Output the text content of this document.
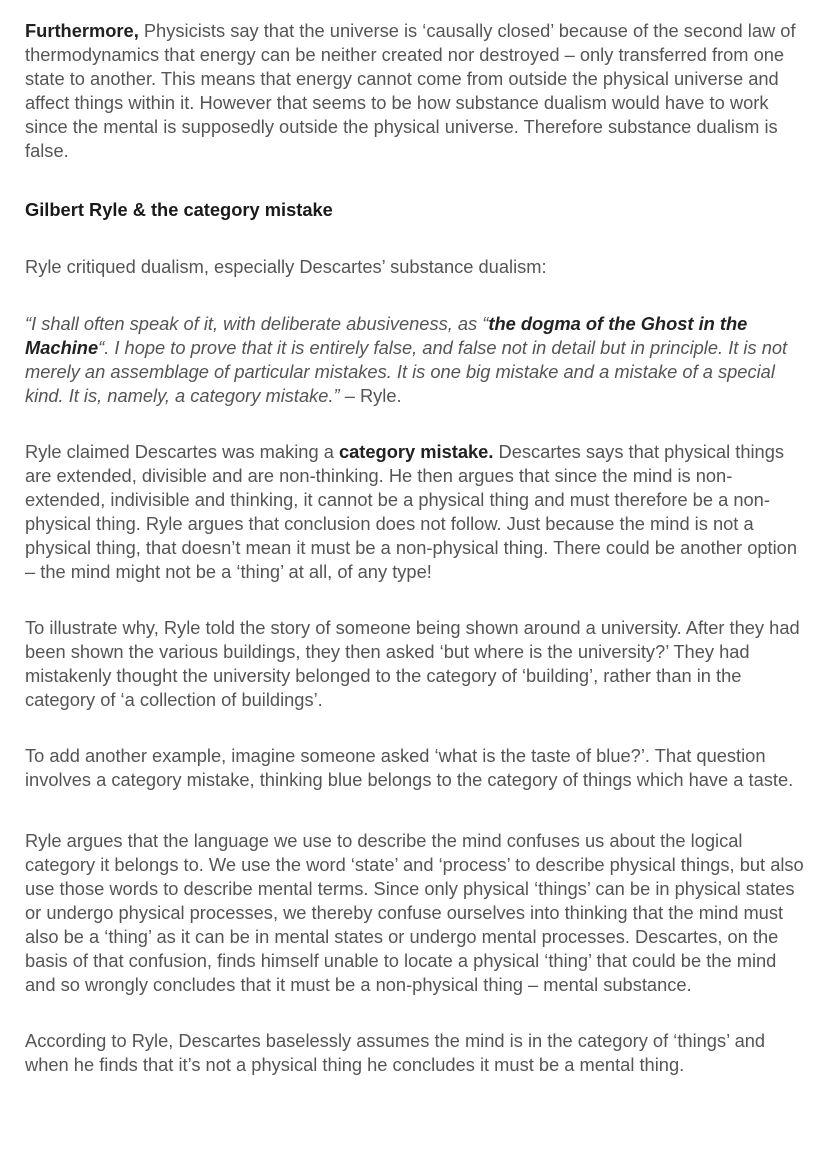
Furthermore, Physicists say that the universe is ‘causally closed’ because of the second law of thermodynamics that energy can be neither created nor destroyed – only transferred from one state to another. This means that energy cannot come from outside the physical universe and affect things within it. However that seems to be how substance dualism would have to work since the mental is supposedly outside the physical universe. Therefore substance dualism is false.

Gilbert Ryle & the category mistake

Ryle critiqued dualism, especially Descartes’ substance dualism:

“I shall often speak of it, with deliberate abusiveness, as “the dogma of the Ghost in the Machine“. I hope to prove that it is entirely false, and false not in detail but in principle. It is not merely an assemblage of particular mistakes. It is one big mistake and a mistake of a special kind. It is, namely, a category mistake.” – Ryle.

Ryle claimed Descartes was making a category mistake. Descartes says that physical things are extended, divisible and are non-thinking. He then argues that since the mind is non-extended, indivisible and thinking, it cannot be a physical thing and must therefore be a non-physical thing. Ryle argues that conclusion does not follow. Just because the mind is not a physical thing, that doesn’t mean it must be a non-physical thing. There could be another option – the mind might not be a ‘thing’ at all, of any type!

To illustrate why, Ryle told the story of someone being shown around a university. After they had been shown the various buildings, they then asked ‘but where is the university?’ They had mistakenly thought the university belonged to the category of ‘building’, rather than in the category of ‘a collection of buildings’.

To add another example, imagine someone asked ‘what is the taste of blue?’. That question involves a category mistake, thinking blue belongs to the category of things which have a taste.

Ryle argues that the language we use to describe the mind confuses us about the logical category it belongs to. We use the word ‘state’ and ‘process’ to describe physical things, but also use those words to describe mental terms. Since only physical ‘things’ can be in physical states or undergo physical processes, we thereby confuse ourselves into thinking that the mind must also be a ‘thing’ as it can be in mental states or undergo mental processes. Descartes, on the basis of that confusion, finds himself unable to locate a physical ‘thing’ that could be the mind and so wrongly concludes that it must be a non-physical thing – mental substance.

According to Ryle, Descartes baselessly assumes the mind is in the category of ‘things’ and when he finds that it’s not a physical thing he concludes it must be a mental thing.
